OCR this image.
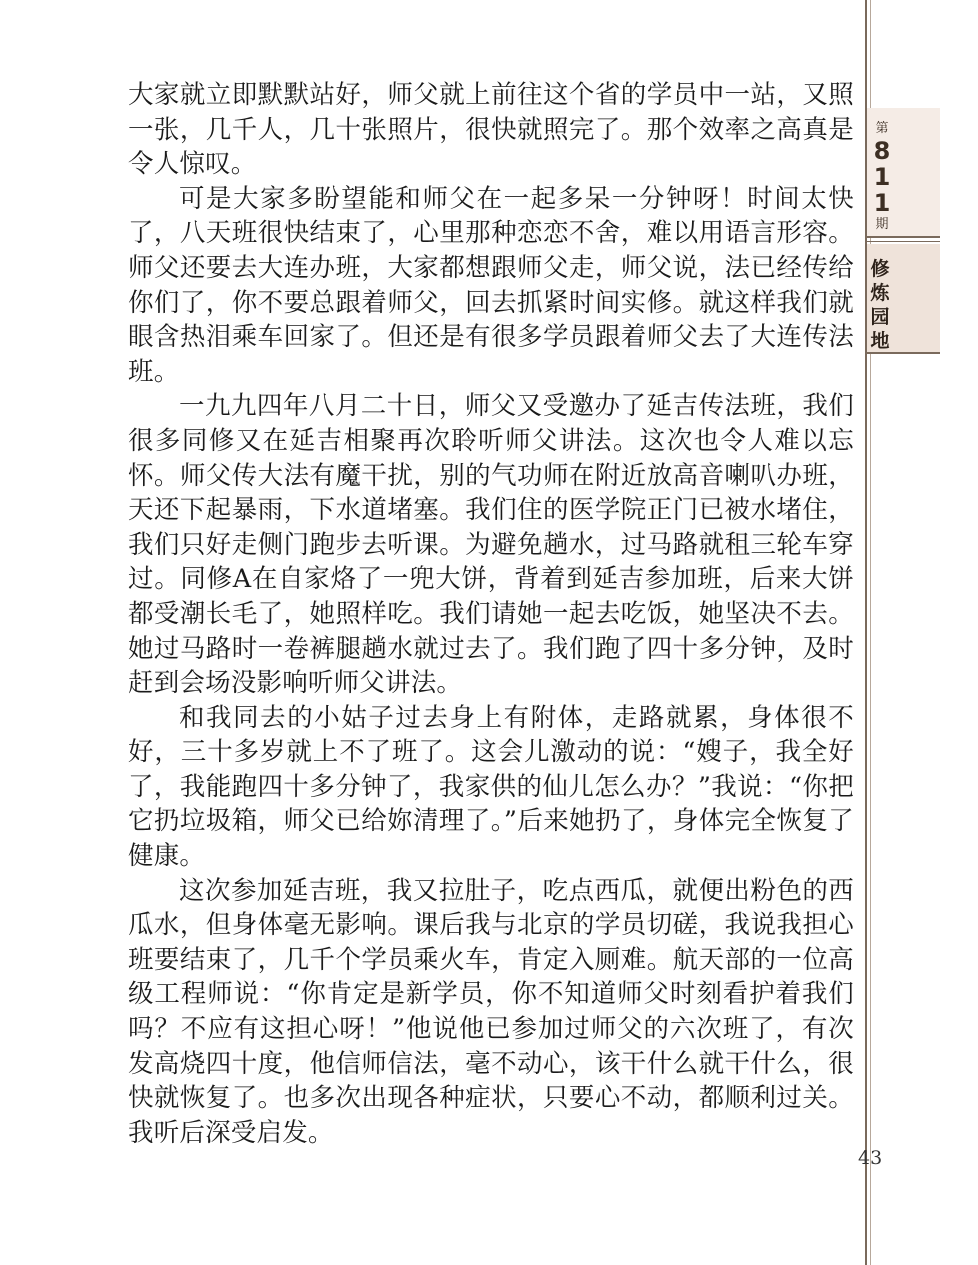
大家就立即默默站好，师父就上前往这个省的学员中一站，又照一张，几千人，几十张照片，很快就照完了。那个效率之高真是令人惊叹。

可是大家多盼望能和师父在一起多呆一分钟呀！时间太快了，八天班很快结束了，心里那种恋恋不舍，难以用语言形容。师父还要去大连办班，大家都想跟师父走，师父说，法已经传给你们了，你不要总跟着师父，回去抓紧时间实修。就这样我们就眼含热泪乘车回家了。但还是有很多学员跟着师父去了大连传法班。

一九九四年八月二十日，师父又受邀办了延吉传法班，我们很多同修又在延吉相聚再次聆听师父讲法。这次也令人难以忘怀。师父传大法有魔干扰，别的气功师在附近放高音喇叭办班，天还下起暴雨，下水道堵塞。我们住的医学院正门已被水堵住，我们只好走侧门跑步去听课。为避免趟水，过马路就租三轮车穿过。同修A在自家烙了一兜大饼，背着到延吉参加班，后来大饼都受潮长毛了，她照样吃。我们请她一起去吃饭，她坚决不去。她过马路时一卷裤腿趟水就过去了。我们跑了四十多分钟，及时赶到会场没影响听师父讲法。

和我同去的小姑子过去身上有附体，走路就累，身体很不好，三十多岁就上不了班了。这会儿激动的说：“嫂子，我全好了，我能跑四十多分钟了，我家供的仙儿怎么办？”我说：“你把它扔垃圾箱，师父已给妳清理了。”后来她扔了，身体完全恢复了健康。

这次参加延吉班，我又拉肚子，吃点西瓜，就便出粉色的西瓜水，但身体毫无影响。课后我与北京的学员切磋，我说我担心班要结束了，几千个学员乘火车，肯定入厕难。航天部的一位高级工程师说：“你肯定是新学员，你不知道师父时刻看护着我们吗？不应有这担心呀！”他说他已参加过师父的六次班了，有次发高烧四十度，他信师信法，毫不动心，该干什么就干什么，很快就恢复了。也多次出现各种症状，只要心不动，都顺利过关。我听后深受启发。

第
8
1
1
期
修
炼
园
地
43
